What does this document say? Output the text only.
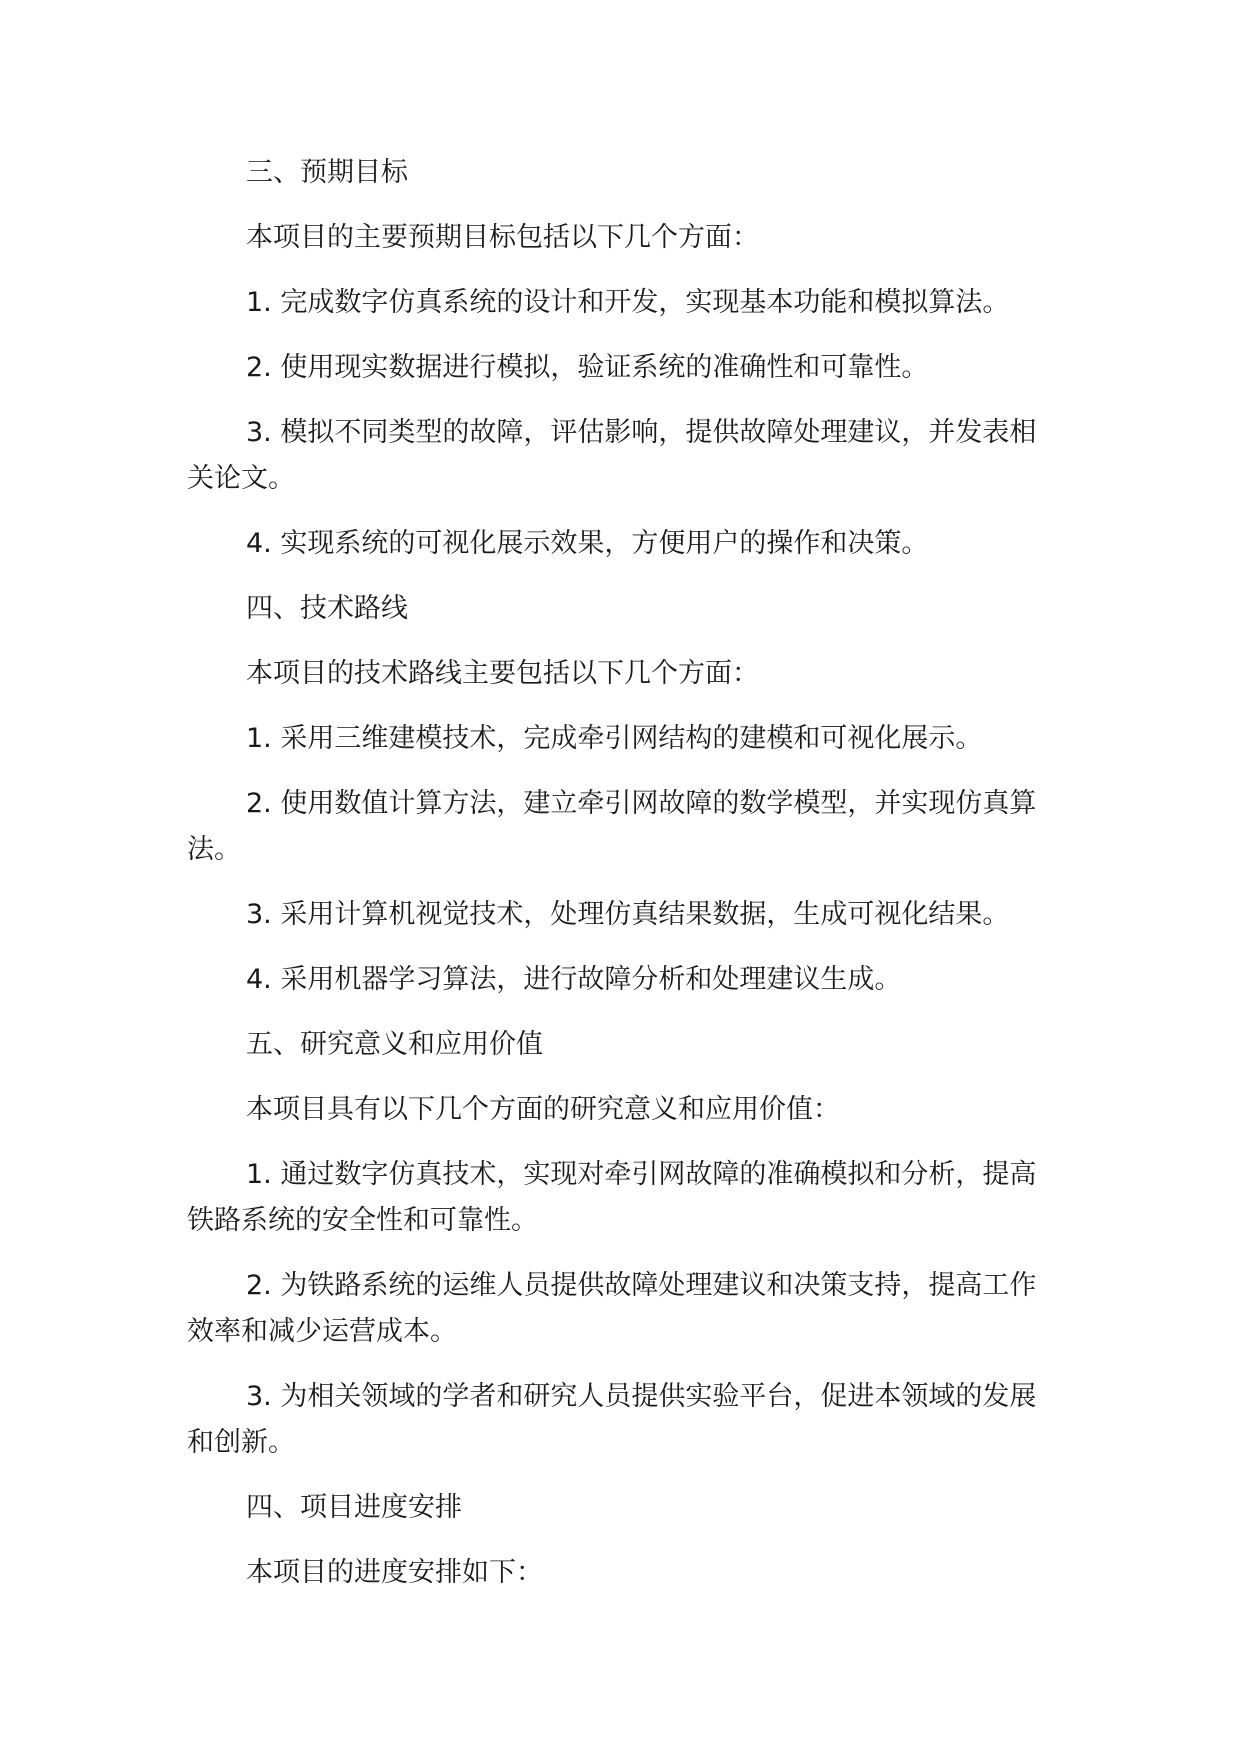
三、预期目标

本项目的主要预期目标包括以下几个方面：

1. 完成数字仿真系统的设计和开发，实现基本功能和模拟算法。

2. 使用现实数据进行模拟，验证系统的准确性和可靠性。

3. 模拟不同类型的故障，评估影响，提供故障处理建议，并发表相关论文。

4. 实现系统的可视化展示效果，方便用户的操作和决策。

四、技术路线

本项目的技术路线主要包括以下几个方面：

1. 采用三维建模技术，完成牵引网结构的建模和可视化展示。

2. 使用数值计算方法，建立牵引网故障的数学模型，并实现仿真算法。

3. 采用计算机视觉技术，处理仿真结果数据，生成可视化结果。

4. 采用机器学习算法，进行故障分析和处理建议生成。

五、研究意义和应用价值

本项目具有以下几个方面的研究意义和应用价值：

1. 通过数字仿真技术，实现对牵引网故障的准确模拟和分析，提高铁路系统的安全性和可靠性。

2. 为铁路系统的运维人员提供故障处理建议和决策支持，提高工作效率和减少运营成本。

3. 为相关领域的学者和研究人员提供实验平台，促进本领域的发展和创新。

四、项目进度安排

本项目的进度安排如下：
